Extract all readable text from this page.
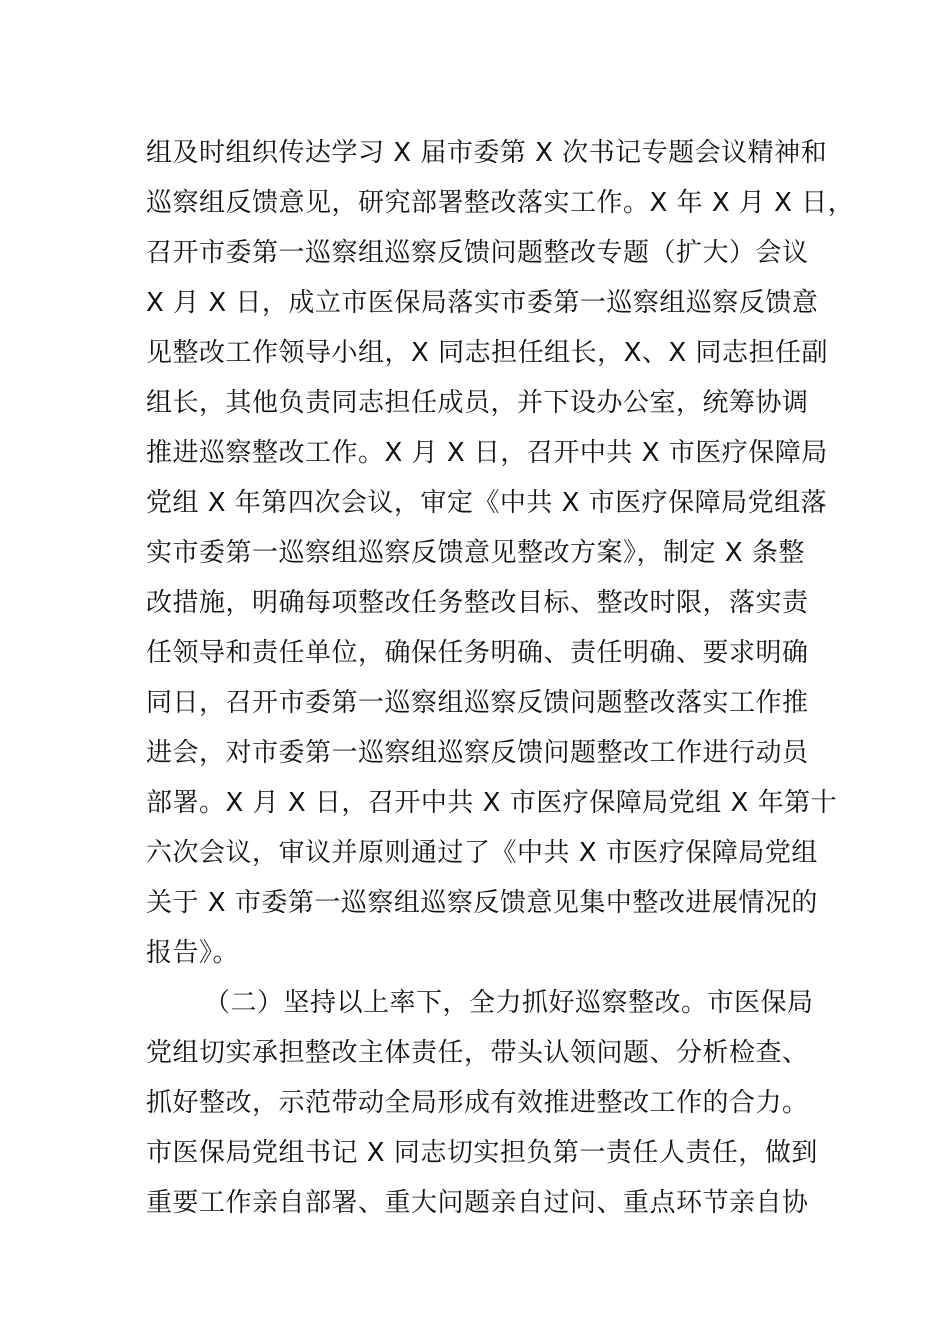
组及时组织传达学习 X 届市委第 X 次书记专题会议精神和
巡察组反馈意见，研究部署整改落实工作。X 年 X 月 X 日，
召开市委第一巡察组巡察反馈问题整改专题（扩大）会议
X 月 X 日，成立市医保局落实市委第一巡察组巡察反馈意
见整改工作领导小组，X 同志担任组长，X、X 同志担任副
组长，其他负责同志担任成员，并下设办公室，统筹协调
推进巡察整改工作。X 月 X 日，召开中共 X 市医疗保障局
党组 X 年第四次会议，审定《中共 X 市医疗保障局党组落
实市委第一巡察组巡察反馈意见整改方案》，制定 X 条整
改措施，明确每项整改任务整改目标、整改时限，落实责
任领导和责任单位，确保任务明确、责任明确、要求明确
同日，召开市委第一巡察组巡察反馈问题整改落实工作推
进会，对市委第一巡察组巡察反馈问题整改工作进行动员
部署。X 月 X 日，召开中共 X 市医疗保障局党组 X 年第十
六次会议，审议并原则通过了《中共 X 市医疗保障局党组
关于 X 市委第一巡察组巡察反馈意见集中整改进展情况的
报告》。
（二）坚持以上率下，全力抓好巡察整改。市医保局
党组切实承担整改主体责任，带头认领问题、分析检查、
抓好整改，示范带动全局形成有效推进整改工作的合力。
市医保局党组书记 X 同志切实担负第一责任人责任，做到
重要工作亲自部署、重大问题亲自过问、重点环节亲自协
